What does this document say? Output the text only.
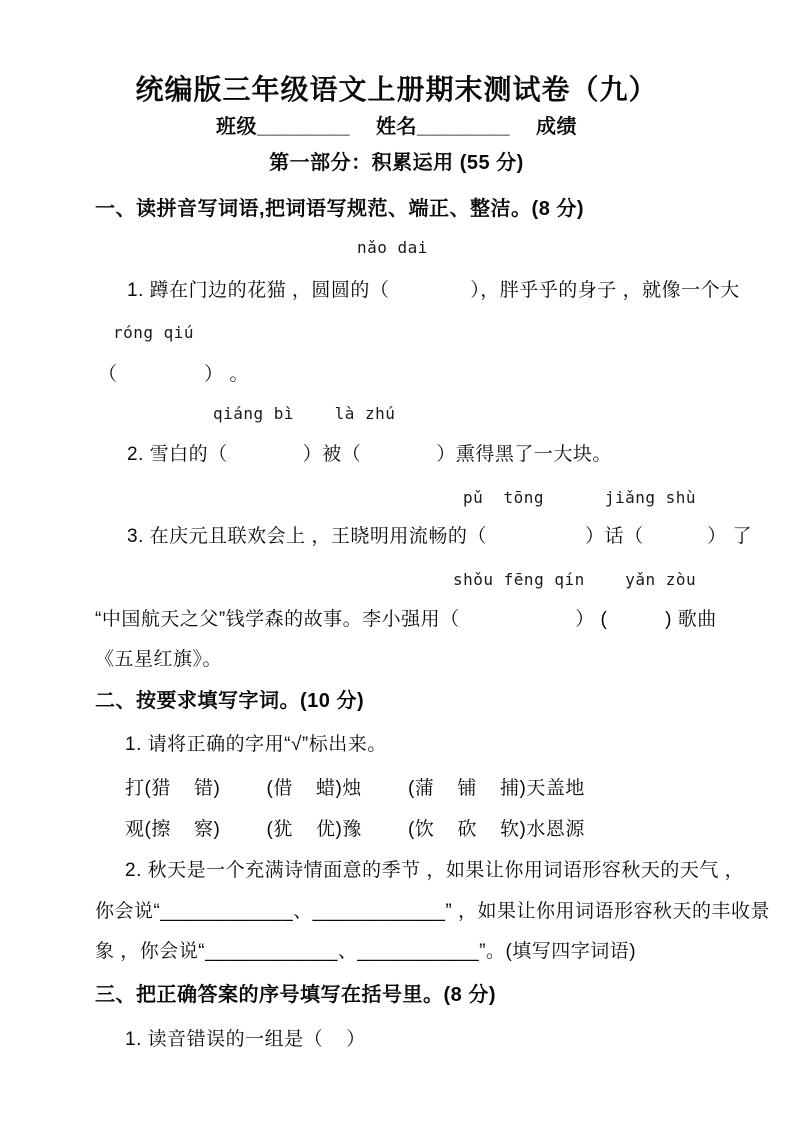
统编版三年级语文上册期末测试卷（九）
班级________ 姓名________ 成绩
第一部分：积累运用 (55 分)
一、读拼音写词语,把词语写规范、端正、整洁。(8 分)
nǎo dai
1. 蹲在门边的花猫 ，圆圆的（              ），胖乎乎的身子 ，就像一个大
róng qiú
（               ） 。
qiáng bì    là zhú
2. 雪白的（             ）被（             ）熏得黑了一大块。
pǔ  tōng      jiǎng shù
3. 在庆元且联欢会上 ，王晓明用流畅的（                 ）话（           ） 了
shǒu fēng qín    yǎn zòu
“中国航天之父”钱学森的故事。李小强用（                    ） (          ) 歌曲
《五星红旗》。
二、按要求填写字词。(10 分)
1. 请将正确的字用“√”标出来。
打(猎    错)        (借    蜡)烛        (蒲    铺    捕)天盖地
观(擦    察)        (犹    优)豫        (饮    砍    软)水恩源
2. 秋天是一个充满诗情面意的季节 ，如果让你用词语形容秋天的天气 ，
你会说“____________、____________” ，如果让你用词语形容秋天的丰收景
象 ，你会说“____________、___________”。(填写四字词语)
三、把正确答案的序号填写在括号里。(8 分)
1. 读音错误的一组是（    ）
